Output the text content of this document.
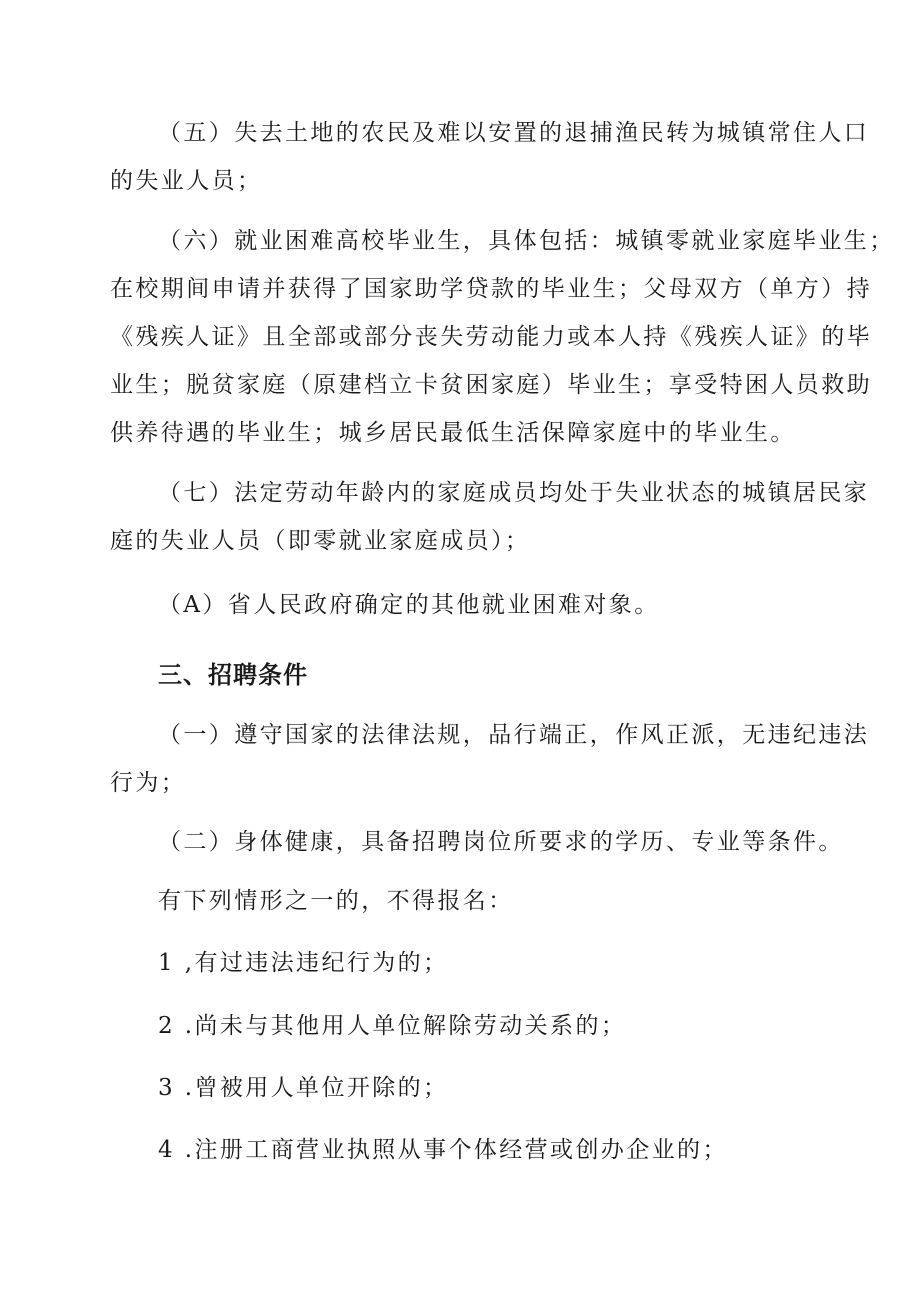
（五）失去土地的农民及难以安置的退捕渔民转为城镇常住人口
的失业人员；
（六）就业困难高校毕业生，具体包括：城镇零就业家庭毕业生；
在校期间申请并获得了国家助学贷款的毕业生；父母双方（单方）持
《残疾人证》且全部或部分丧失劳动能力或本人持《残疾人证》的毕
业生；脱贫家庭（原建档立卡贫困家庭）毕业生；享受特困人员救助
供养待遇的毕业生；城乡居民最低生活保障家庭中的毕业生。
（七）法定劳动年龄内的家庭成员均处于失业状态的城镇居民家
庭的失业人员（即零就业家庭成员）；
（A）省人民政府确定的其他就业困难对象。
三、招聘条件
（一）遵守国家的法律法规，品行端正，作风正派，无违纪违法
行为；
（二）身体健康，具备招聘岗位所要求的学历、专业等条件。
有下列情形之一的，不得报名：
1 ,有过违法违纪行为的；
2 .尚未与其他用人单位解除劳动关系的；
3 .曾被用人单位开除的；
4 .注册工商营业执照从事个体经营或创办企业的；
